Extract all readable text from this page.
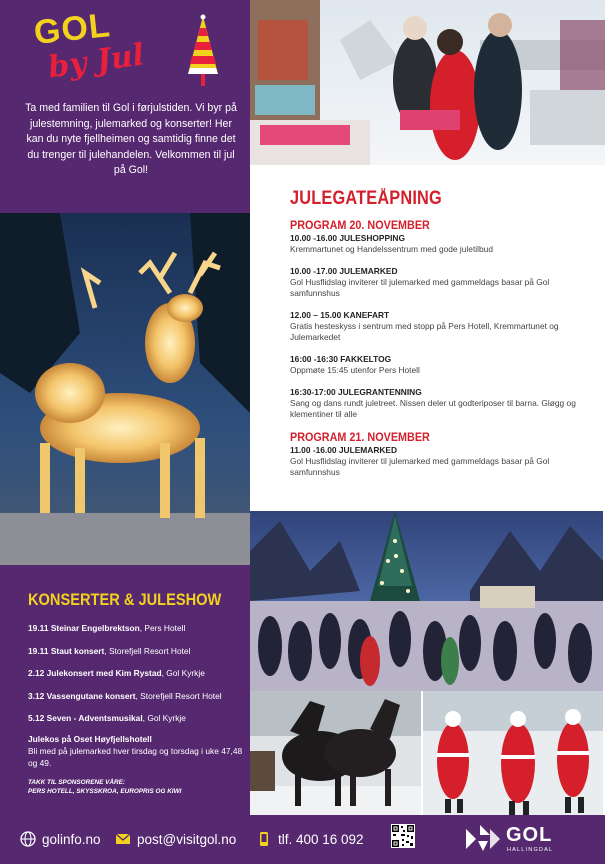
GOL
by Jul

Ta med familien til Gol i førjulstiden. Vi byr på julestemning, julemarked og konserter! Her kan du nyte fjellheimen og samtidig finne det du trenger til julehandelen. Velkommen til jul på Gol!

JULEGATEÅPNING
PROGRAM 20. NOVEMBER
10.00 -16.00 JULESHOPPING
Kremmartunet og Handelssentrum med gode juletilbud
10.00 -17.00 JULEMARKED
Gol Husflidslag inviterer til julemarked med gammeldags basar på Gol samfunnshus
12.00 – 15.00 KANEFART
Gratis hesteskyss i sentrum med stopp på Pers Hotell, Kremmartunet og Julemarkedet
16:00 -16:30 FAKKELTOG
Oppmøte 15:45 utenfor Pers Hotell
16:30-17:00 JULEGRANTENNING
Sang og dans rundt juletreet. Nissen deler ut godteriposer til barna. Gløgg og klementiner til alle
PROGRAM 21. NOVEMBER
11.00 -16.00 JULEMARKED
Gol Husflidslag inviterer til julemarked med gammeldags basar på Gol samfunnshus
KONSERTER & JULESHOW
19.11 Steinar Engelbrektson, Pers Hotell
19.11 Staut konsert, Storefjell Resort Hotel
2.12 Julekonsert med Kim Rystad, Gol Kyrkje
3.12 Vassengutane konsert, Storefjell Resort Hotel
5.12 Seven - Adventsmusikal, Gol Kyrkje
Julekos på Oset Høyfjellshotell
Bli med på julemarked hver tirsdag og torsdag i uke 47,48 og 49.
TAKK TIL SPONSORENE VÅRE:
PERS HOTELL, SKYSSKROA, EUROPRIS OG KIWI
golinfo.no	post@visitgol.no	tlf. 400 16 092	GOL
HALLINGDAL
